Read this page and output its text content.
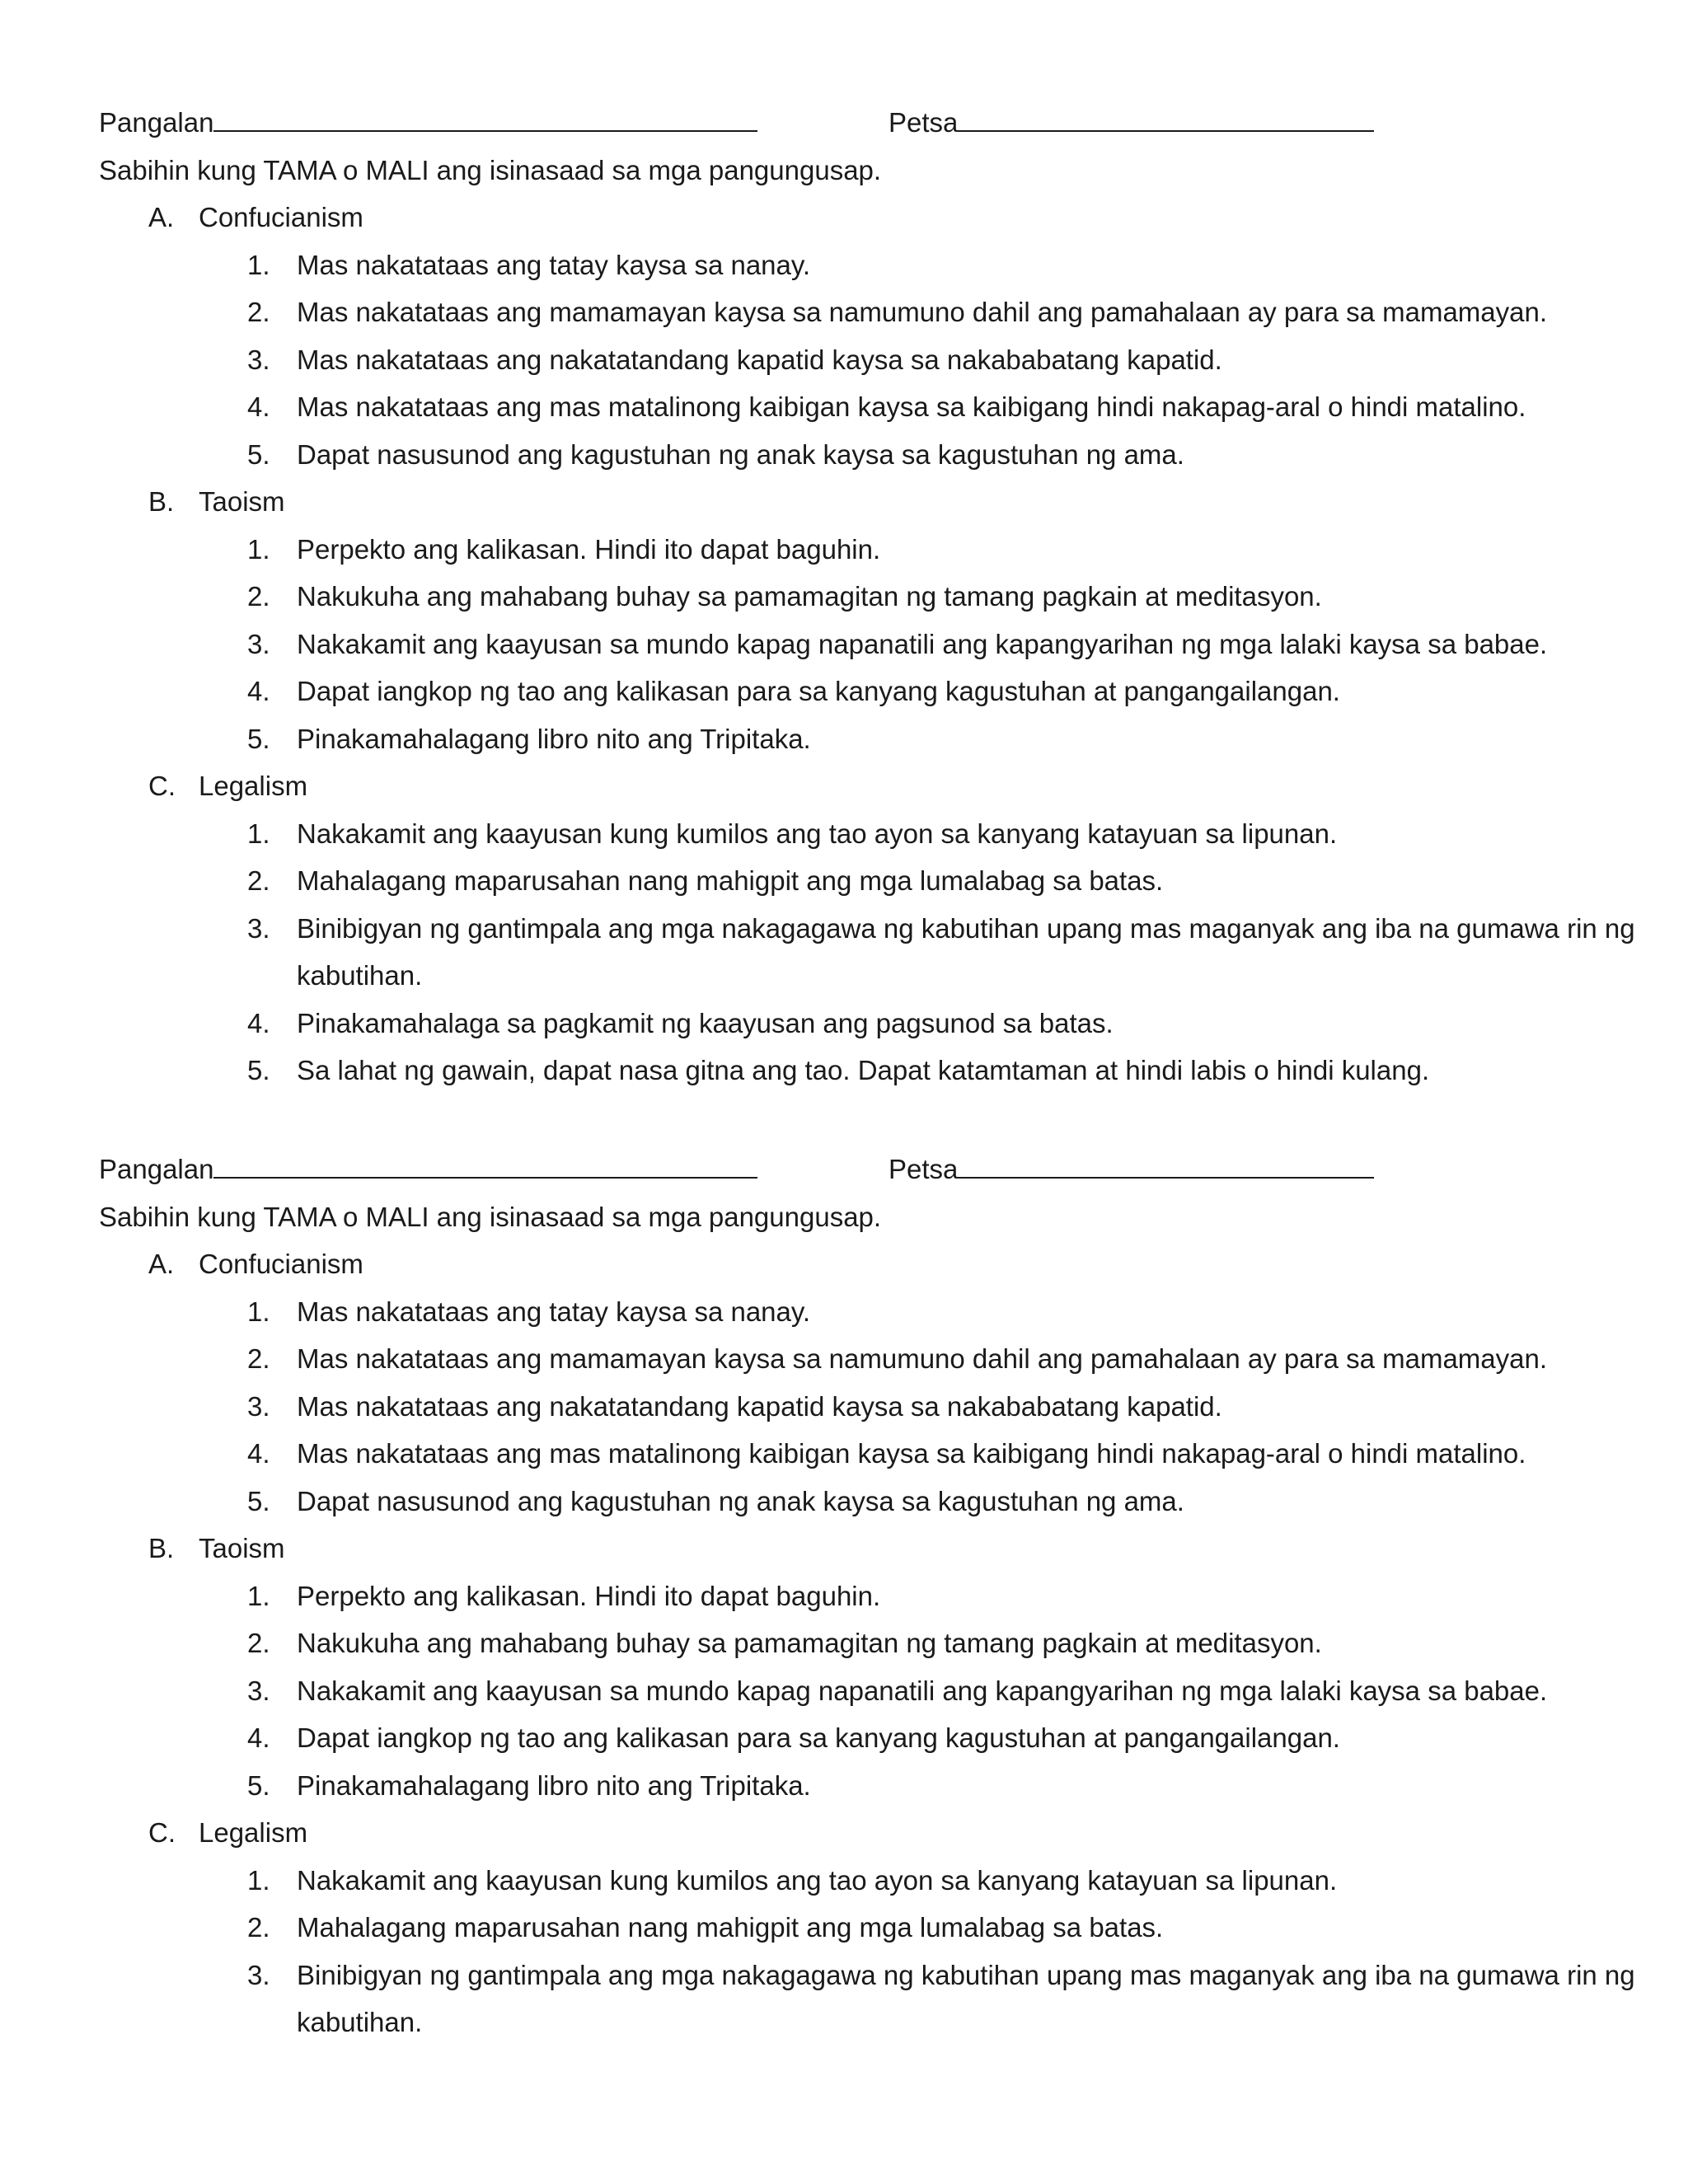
Pangalan	Petsa
Sabihin kung TAMA o MALI ang isinasaad sa mga pangungusap.
A. Confucianism
1. Mas nakatataas ang tatay kaysa sa nanay.
2. Mas nakatataas ang mamamayan kaysa sa namumuno dahil ang pamahalaan ay para sa mamamayan.
3. Mas nakatataas ang nakatatandang kapatid kaysa sa nakababatang kapatid.
4. Mas nakatataas ang mas matalinong kaibigan kaysa sa kaibigang hindi nakapag-aral o hindi matalino.
5. Dapat nasusunod ang kagustuhan ng anak kaysa sa kagustuhan ng ama.
B. Taoism
1. Perpekto ang kalikasan. Hindi ito dapat baguhin.
2. Nakukuha ang mahabang buhay sa pamamagitan ng tamang pagkain at meditasyon.
3. Nakakamit ang kaayusan sa mundo kapag napanatili ang kapangyarihan ng mga lalaki kaysa sa babae.
4. Dapat iangkop ng tao ang kalikasan para sa kanyang kagustuhan at pangangailangan.
5. Pinakamahalagang libro nito ang Tripitaka.
C. Legalism
1. Nakakamit ang kaayusan kung kumilos ang tao ayon sa kanyang katayuan sa lipunan.
2. Mahalagang maparusahan nang mahigpit ang mga lumalabag sa batas.
3. Binibigyan ng gantimpala ang mga nakagagawa ng kabutihan upang mas maganyak ang iba na gumawa rin ng kabutihan.
4. Pinakamahalaga sa pagkamit ng kaayusan ang pagsunod sa batas.
5. Sa lahat ng gawain, dapat nasa gitna ang tao. Dapat katamtaman at hindi labis o hindi kulang.
Pangalan	Petsa
Sabihin kung TAMA o MALI ang isinasaad sa mga pangungusap.
A. Confucianism
1. Mas nakatataas ang tatay kaysa sa nanay.
2. Mas nakatataas ang mamamayan kaysa sa namumuno dahil ang pamahalaan ay para sa mamamayan.
3. Mas nakatataas ang nakatatandang kapatid kaysa sa nakababatang kapatid.
4. Mas nakatataas ang mas matalinong kaibigan kaysa sa kaibigang hindi nakapag-aral o hindi matalino.
5. Dapat nasusunod ang kagustuhan ng anak kaysa sa kagustuhan ng ama.
B. Taoism
1. Perpekto ang kalikasan. Hindi ito dapat baguhin.
2. Nakukuha ang mahabang buhay sa pamamagitan ng tamang pagkain at meditasyon.
3. Nakakamit ang kaayusan sa mundo kapag napanatili ang kapangyarihan ng mga lalaki kaysa sa babae.
4. Dapat iangkop ng tao ang kalikasan para sa kanyang kagustuhan at pangangailangan.
5. Pinakamahalagang libro nito ang Tripitaka.
C. Legalism
1. Nakakamit ang kaayusan kung kumilos ang tao ayon sa kanyang katayuan sa lipunan.
2. Mahalagang maparusahan nang mahigpit ang mga lumalabag sa batas.
3. Binibigyan ng gantimpala ang mga nakagagawa ng kabutihan upang mas maganyak ang iba na gumawa rin ng kabutihan.
